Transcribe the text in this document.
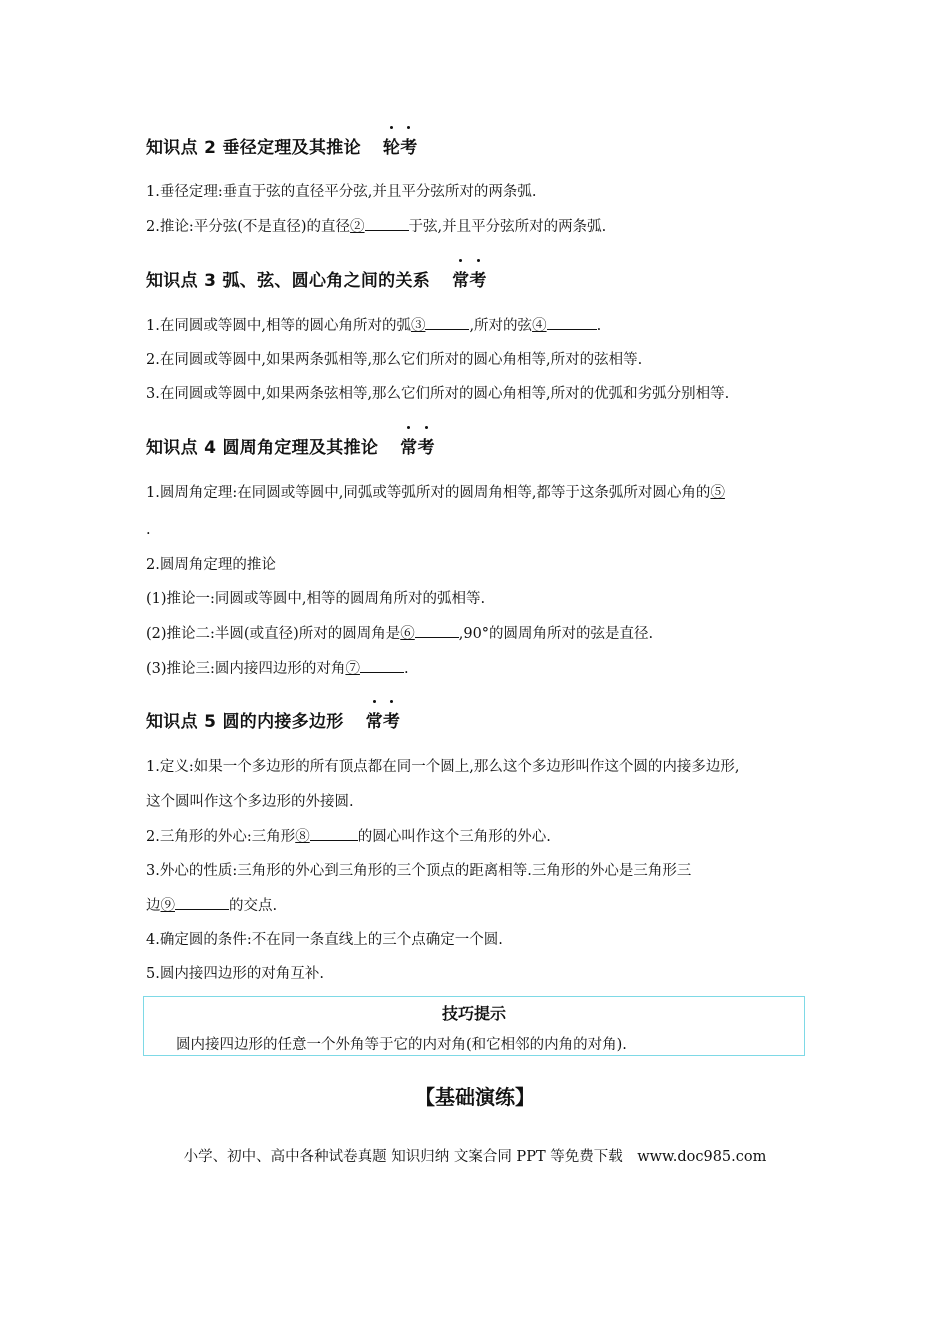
知识点 2 垂径定理及其推论 轮考
1.垂径定理:垂直于弦的直径平分弦,并且平分弦所对的两条弧.
2.推论:平分弦(不是直径)的直径②	于弦,并且平分弦所对的两条弧.
知识点 3 弧、弦、圆心角之间的关系 常考
1.在同圆或等圆中,相等的圆心角所对的弧③	,所对的弦④	.
2.在同圆或等圆中,如果两条弧相等,那么它们所对的圆心角相等,所对的弦相等.
3.在同圆或等圆中,如果两条弦相等,那么它们所对的圆心角相等,所对的优弧和劣弧分别相等.
知识点 4 圆周角定理及其推论 常考
1.圆周角定理:在同圆或等圆中,同弧或等弧所对的圆周角相等,都等于这条弧所对圆心角的⑤
.
2.圆周角定理的推论
(1)推论一:同圆或等圆中,相等的圆周角所对的弧相等.
(2)推论二:半圆(或直径)所对的圆周角是⑥	,90°的圆周角所对的弦是直径.
(3)推论三:圆内接四边形的对角⑦	.
知识点 5 圆的内接多边形 常考
1.定义:如果一个多边形的所有顶点都在同一个圆上,那么这个多边形叫作这个圆的内接多边形,
这个圆叫作这个多边形的外接圆.
2.三角形的外心:三角形⑧	的圆心叫作这个三角形的外心.
3.外心的性质:三角形的外心到三角形的三个顶点的距离相等.三角形的外心是三角形三
边⑨	的交点.
4.确定圆的条件:不在同一条直线上的三个点确定一个圆.
5.圆内接四边形的对角互补.
技巧提示
圆内接四边形的任意一个外角等于它的内对角(和它相邻的内角的对角).
【基础演练】
小学、初中、高中各种试卷真题 知识归纳 文案合同 PPT 等免费下载　www.doc985.com
